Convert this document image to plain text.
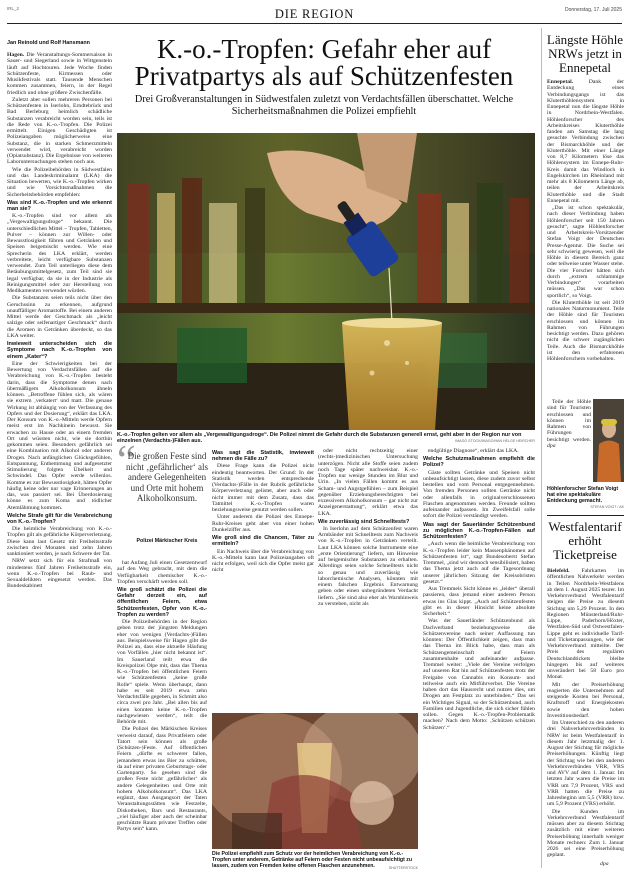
IRL_2	DIE REGION	Donnerstag, 17. Juli 2025
Jan Reinold und Rolf Hansmann	K.-o.-Tropfen: Gefahr eher auf
Privatpartys als auf Schützenfesten
Drei Großveranstaltungen in Südwestfalen zuletzt von Verdachtsfällen überschattet. Welche
Sicherheitsmaßnahmen die Polizei empfiehlt

Hagen. Die Veranstaltungs-Sommersaison in Sauer- und Siegerland sowie in Wittgenstein läuft auf Hochtouren. Jede Woche finden Schützenfeste, Kirmessen oder Musikfestivals statt. Tausende Menschen kommen zusammen, feiern, in der Regel friedlich und ohne größere Zwischenfälle.

Zuletzt aber sollen mehreren Personen bei Schützenfesten in Iserlohn, Erndtebrück und Bad Berleburg heimlich schädliche Substanzen verabreicht worden sein, teils ist die Rede von K.-o.-Tropfen. Die Polizei ermittelt. Einigen Geschädigten ist Polizeiangaben möglicherweise eine Substanz, die in starken Schmerzmitteln verwendet wird, verabreicht worden (Opiatsubstanz). Die Ergebnisse von weiteren Laboruntersuchungen stehen noch aus.

Wie die Polizeibehörden in Südwestfalen und das Landeskriminalamt (LKA) die Situation bewerten, wie K.-o.-Tropfen wirken und wie Vorsichtsmaßnahmen die Sicherheitsbehörden empfehlen:

Was sind K.-o.-Tropfen und wie erkennt man sie?

K.-o.-Tropfen sind vor allem als „Vergewaltigungsdroge“ bekannt. Die unterschiedlichen Mittel – Tropfen, Tabletten, Pulver – können zur Willen- oder Bewusstlosigkeit führen und Getränken und Speisen beigemischt werden. Wie eine Sprecherin des LKA erklärt, werden verbreitete, leicht verfügbare Substanzen verwendet. Zum Teil unterliegen diese dem Betäubungsmittelgesetz, zum Teil sind sie legal verfügbar, da sie in der Industrie als Reinigungsmittel oder zur Herstellung von Medikamenten verwendet würden.

Die Substanzen seien teils nicht über den Geruchssinn zu erkennen, aufgrund unauffälliger Aromastoffe. Bei einem anderen Mittel werde der Geschmack als „leicht salzige oder seifenartiger Geschmack“ durch die Aromen in Getränken überdeckt, so das LKA weiter.

Inwieweit unterscheiden sich die Symptome nach K.-o.-Tropfen von einem „Kater“?

Eine der Schwierigkeiten bei der Bewertung von Verdachtsfällen auf die Verabreichung von K.-o.-Tropfen besteht darin, dass die Symptome denen nach übermäßigem Alkoholkonsum ähneln können. „Betroffene fühlen sich, als wären sie extrem ‚verkatert‘ und matt. Die genaue Wirkung ist abhängig von der Verfassung des Opfers und der Dosierung“, erklärt das LKA. Der Konsum von K.-o.-Mitteln werde Opfern meist erst im Nachhinein bewusst. Sie erwachen zu Hause oder an einem fremden Ort und wüssten nicht, wie sie dorthin gekommen seien. Besonders gefährlich sei eine Kombination mit Alkohol oder anderen Drogen. Nach anfänglichen Glücksgefühlen, Entspannung, Enthemmung und aufgesetzter Stimulierung folgten Übelkeit und Schwindel. Das Opfer werde willenlos. Komme es zur Bewusstlosigkeit, hätten Opfer häufig keine oder nur vage Erinnerungen an das, was passiert sei. Bei Überdosierung könne es zum Koma und tödlicher Atemlähmung kommen.

Welche Strafe gilt für die Verabreichung von K.-o.-Tropfen?

Die heimliche Verabreichung von K.-o.-Tropfen gilt als gefährliche Körperverletzung. Diese kann laut Gesetz mit Freiheitsstrafe zwischen drei Monaten und zehn Jahren sanktioniert werden, je nach Schwere der Tat.

NRW setzt sich für ein Strafmaß von mindestens fünf Jahren Freiheitsstrafe ein, wenn K.-o.-Tropfen bei Raub- und Sexualdelikten eingesetzt werden. Das Bundeskabinett

K.-o.-Tropfen gelten vor allem als „Vergewaltigungsdroge“. Die Polizei nimmt die Gefahr durch die Substanzen generell ernst, geht aber in der Region nur von einzelnen (Verdachts-)Fällen aus.	IMAGO STOCK/IMAGO/HAN HELGE HEIRCHER
“
Die großen Feste sind nicht ‚gefährlicher‘ als andere Gelegenheiten und Orte mit hohem Alkoholkonsum.
Polizei Märkischer Kreis

hat Anfang Juli einen Gesetzentwurf auf den Weg gebracht, mit dem die Verfügbarkeit chemischer K.-o.-Tropfen verschärft werden soll.

Wie groß schätzt die Polizei die Gefahr derzeit ein, auf öffentlichen Feiern, etwa Schützenfesten, Opfer von K.-o.-Tropfen zu werden?

Die Polizeibehörden in der Region gehen trotz der jüngsten Meldungen eher von wenigen (Verdachts-)Fällen aus. Beispielsweise für Hagen gibt die Polizei an, dass eine aktuelle Häufung von Vorfällen „hier nicht bekannt ist“. Im Sauerland teilt etwa die Kreispolizei Olpe mit, dass das Thema K.-o.-Tropfen bei öffentlichen Feiern wie Schützenfesten „keine große Rolle“ spiele. Wenn überhaupt, dann habe es seit 2019 etwa zehn Verdachtsfälle gegeben, in Schmitt also circa zwei pro Jahr. „Bei allen bis auf einen konnten keine K.-o.-Tropfen nachgewiesen werden“, teilt die Behörde mit.

Die Polizei des Märkischen Kreises verweist darauf, dass Privatfeiern oder Tatort sein können als große (Schützen-)Feste. Auf öffentlichen Feiern „dürfte es schwerer fallen, jemandem etwas ins Bier zu schütten, da auf einer privaten Geburtstags- oder Gartenparty. So gesehen sind die großen Feste nicht ‚gefährlicher‘ als andere Gelegenheiten und Orte mit hohem Alkoholkonsum“. Das LKA ergänzt, dass Ausgangsort der Taten Veranstaltungsstätten wie Festzelte, Diskotheken, Bars und Restaurants, „viel häufiger aber auch der scheinbar geschützte Raum privater Treffen oder Partys sein“ kann.

Was sagt die Statistik, inwieweit nehmen die Fälle zu?

Diese Frage kann die Polizei nicht eindeutig beantworten. Der Grund: In der Statistik werden entsprechende (Verdachts-)Fälle in der Rubrik gefährliche Körperverletzung gelistet, aber auch oder nicht immer mit dem Zusatz, dass das Tatmittel K.-o.-Tropfen waren beziehungsweise genutzt werden sollen.

Unter anderem die Polizei des Ennepe-Ruhr-Kreises geht aber von einer hohen Dunkelziffer aus.

Wie groß sind die Chancen, Täter zu ermitteln?

Ein Nachweis über die Verabreichung von K.-o.-Mitteln kann laut Polizeiangaben oft nicht erfolgen, weil sich die Opfer meist gar nicht

oder nicht rechtzeitig einer (rechts-)medizinischen Untersuchung unterzögen. Nicht alle Stoffe seien zudem noch Tage später nachweisbar. K.-o.-Tropfen nur wenige Stunden im Blut und Urin. „In vielen Fällen kommt es aus Scham- und Angstgefühlen – zum Beispiel gegenüber Erziehungsberechtigten bei exzessivem Alkoholkonsum – gar nicht zur Anzeigenerstattung“, erklärt etwa das LKA.

Wie zuverlässig sind Schnelltests?

In Iserlohn auf dem Schützenfest waren Armbänder mit Schnelltests zum Nachweis von K.-o.-Tropfen in Getränken verteilt. Laut LKA können solche Instrumente eine „erste Orientierung“ liefern, um Hinweise auf beigemischte Substanzen zu erhalten. Allerdings seien solche Schnelltests nicht so genau und zuverlässig wie laborchemische Analysen, könnten mit einem falschen Ergebnis Entwarnung geben oder einen unbegründeten Verdacht liefern. „Sie sind also eher als Warnhinweis zu verstehen, nicht als

endgültige Diagnose“, erklärt das LKA.

Welche Schutzmaßnahmen empfiehlt die Polizei?

Gäste sollten Getränke und Speisen nicht unbeaufsichtigt lassen, diese zudem zuvor selbst bestellen und vom Personal entgegennehmen. Von fremden Personen sollten Getränke nicht oder allenfalls in originalverschlossenen Flaschen angenommen werden. Freunde sollten aufeinander aufpassen. Im Zweifelsfall solle sofort die Polizei verständigt werden.

Was sagt der Sauerländer Schützenbund zu möglichen K.-o.-Tropfen-Fällen auf Schützenfesten?

„Auch wenn die heimliche Verabreichung von K.-o.-Tropfen leider kein Massenphänomen auf Schützenfesten ist“, sagt Bundesoberst Stefan Tremmel, „sind wir dennoch sensibilisiert, haben das Thema jetzt auch auf die Tagesordnung unserer jährlichen Sitzung der Kreisobristen gesetzt.“

Aus Tremmels Sicht könne es „leider“ überall passieren, dass jemand einer anderen Person etwas ins Glas kippt. „Auch auf Schützenfesten gibt es in dieser Hinsicht keine absolute Sicherheit.“

Was der Sauerländer Schützenbund als Dachverband beziehungsweise die Schützenvereine nach seiner Auffassung tun könnten: Der Öffentlichkeit zeigen, dass man das Thema im Blick habe, dass man als Schützengemeinschaft auf Feiern zusammenhalte und aufeinander aufpasse. Tremmel weiter: „Viele der Vereine verfolgen auf unseren Rat hin auf Schützenfesten trotz der Freigabe von Cannabis ein Konsum- und teilweise auch ein Mitführverbot. Die Vereine haben dort das Hausrecht und nutzen dies, um Drogen am Festplatz zu unterbinden.“ Das sei ein Wichtiges Signal, so der Schützenbund, auch Familien und Jugendliche, die sich sicher fühlen sollen. Gegen K.-o.-Tropfen-Problematik machen? Nach dem Motto: ‚Schützen schützen Schützen‘.“

Die Polizei empfiehlt zum Schutz vor der heimlichen Verabreichung von K.-o.-Tropfen unter anderem, Getränke auf Feiern oder Festen nicht unbeaufsichtigt zu lassen, zudem von Fremden keine offenen Flaschen anzunehmen.	SHUTTERSTOCK
Längste Höhle
NRWs jetzt in
Ennepetal

Ennepetal. Dank der Entdeckung eines Verbindungsgangs ist das Kluterthöhlensystem in Ennepetal nun die längste Höhle in Nordrhein-Westfalen. Höhlenforscher des Arbeitskreises Kluterthöhle fanden am Samstag die lang gesuchte Verbindung zwischen der Bismarckhöhle und der Kluterthöhle. Mit einer Länge von 8,7 Kilometern löse das Höhlensystem im Ennepe-Ruhr-Kreis damit das Windloch in Engelskirchen im Rheinland mit mehr als 8 Kilometern Länge ab, teilen der Arbeitskreis Kluterthöhle und die Stadt Ennepetal mit.

„Das ist schon spektakulär, nach dieser Verbindung haben Höhlenforscher seit 150 Jahren gesucht“, sagte Höhlenforscher und Arbeitskreis-Vorsitzender Stefan Voigt der Deutschen Presse-Agentur. Die Suche sei sehr schwierig gewesen, weil die Höhle in diesem Bereich ganz oder teilweise unter Wasser stehe. Die vier Forscher hätten sich durch „extrem schlammige Verbindungen“ vorarbeiten müssen. „Das war schon sportlich“, so Voigt.

Die Kluterthöhle ist seit 2019 nationales Naturmonument. Teile der Höhle sind für Touristen erschlossen und können im Rahmen von Führungen besichtigt werden. Dazu gehören nicht die schwer zugänglichen Teile. Auch die Bismarckhöhle ist den erfahrenen Höhlenforschern vorbehalten.

Teile der Höhle sind für Touristen erschlossen und können im Rahmen von Führungen besichtigt werden. dpa

Höhlenforscher Stefan Voigt hat eine spektakuläre Entdeckung gemacht.
STEFAN VOIGT / AK
Westfalentarif
erhöht
Ticketpreise

Bielefeld. Fahrkarten im öffentlichen Nahverkehr werden in Teilen Nordrhein-Westfalens ab dem 1. August 2025 teurer. Im Verkehrsverbund Westfalentarif steigen die Preise zu diesem Stichtag um 5,29 Prozent. In den Regionen Münsterland/Ruhr-Lippe, Paderborn/Höxter, Westfalen-Süd und Ostwestfalen-Lippe geht es individuelle Tarif- und Ticketanpassungen, wie der Verkehrsverbund mitteilte. Der Preis des regulären Deutschlandtickets bleibe hingegen bis auf weiteres unverändert bei 58 Euro pro Monat.

Mit der Preiserhöhung reagierten die Unternehmen auf steigende Kosten bei Personal, Kraftstoff und Energiekosten sowie den hohen Investitionsbedarf.

Im Unterschied zu den anderen drei Nahverkehrsverbünden in NRW ist beim Westfalentarif in diesem Jahr letztmalig der 1. August der Stichtag für mögliche Preiserhöhungen. Künftig liegt der Stichtag wie bei den anderen Verkehrsverbünden VRR, VRS und AVV auf dem 1. Januar. Im letzten Jahr waren die Preise im VRR um 7,9 Prozent, VRS und VRR hatten die Preise zu Jahresbeginn um 5,5 (VRR) bzw. um 5,9 Prozent (VRS) erhöht.

Die Kunden im Verkehrsverbund Westfalentarif müssen aber zu diesem Stichtag zusätzlich mit einer weiteren Preiserhöhung innerhalb weniger Monate rechnen: Zum 1. Januar 2026 sei eine Preiserhöhung geplant.

dpa
